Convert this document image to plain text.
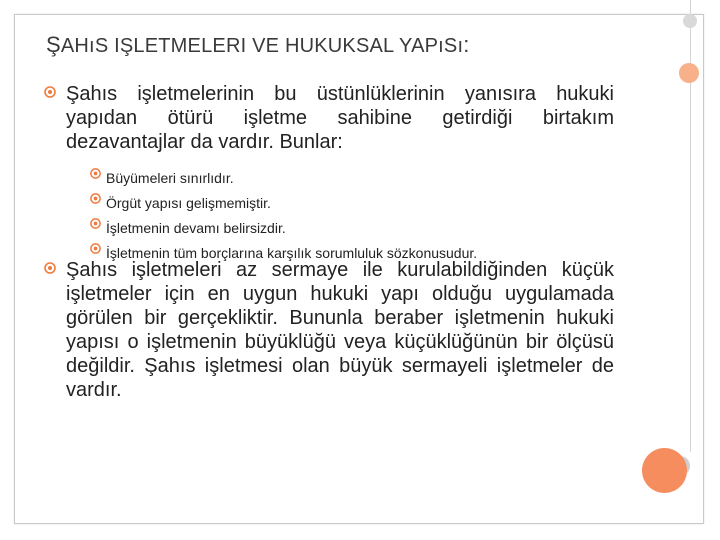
ŞAHıS IŞLETMELERI VE HUKUKSAL YAPıSı:
Şahıs işletmelerinin bu üstünlüklerinin yanısıra hukuki yapıdan ötürü işletme sahibine getirdiği birtakım dezavantajlar da vardır. Bunlar:
Büyümeleri sınırlıdır.
Örgüt yapısı gelişmemiştir.
İşletmenin devamı belirsizdir.
İşletmenin tüm borçlarına karşılık sorumluluk sözkonusudur.
Şahıs işletmeleri az sermaye ile kurulabildiğinden küçük işletmeler için en uygun hukuki yapı olduğu uygulamada görülen bir gerçekliktir. Bununla beraber işletmenin hukuki yapısı o işletmenin büyüklüğü veya küçüklüğünün bir ölçüsü değildir. Şahıs işletmesi olan büyük sermayeli işletmeler de vardır.
